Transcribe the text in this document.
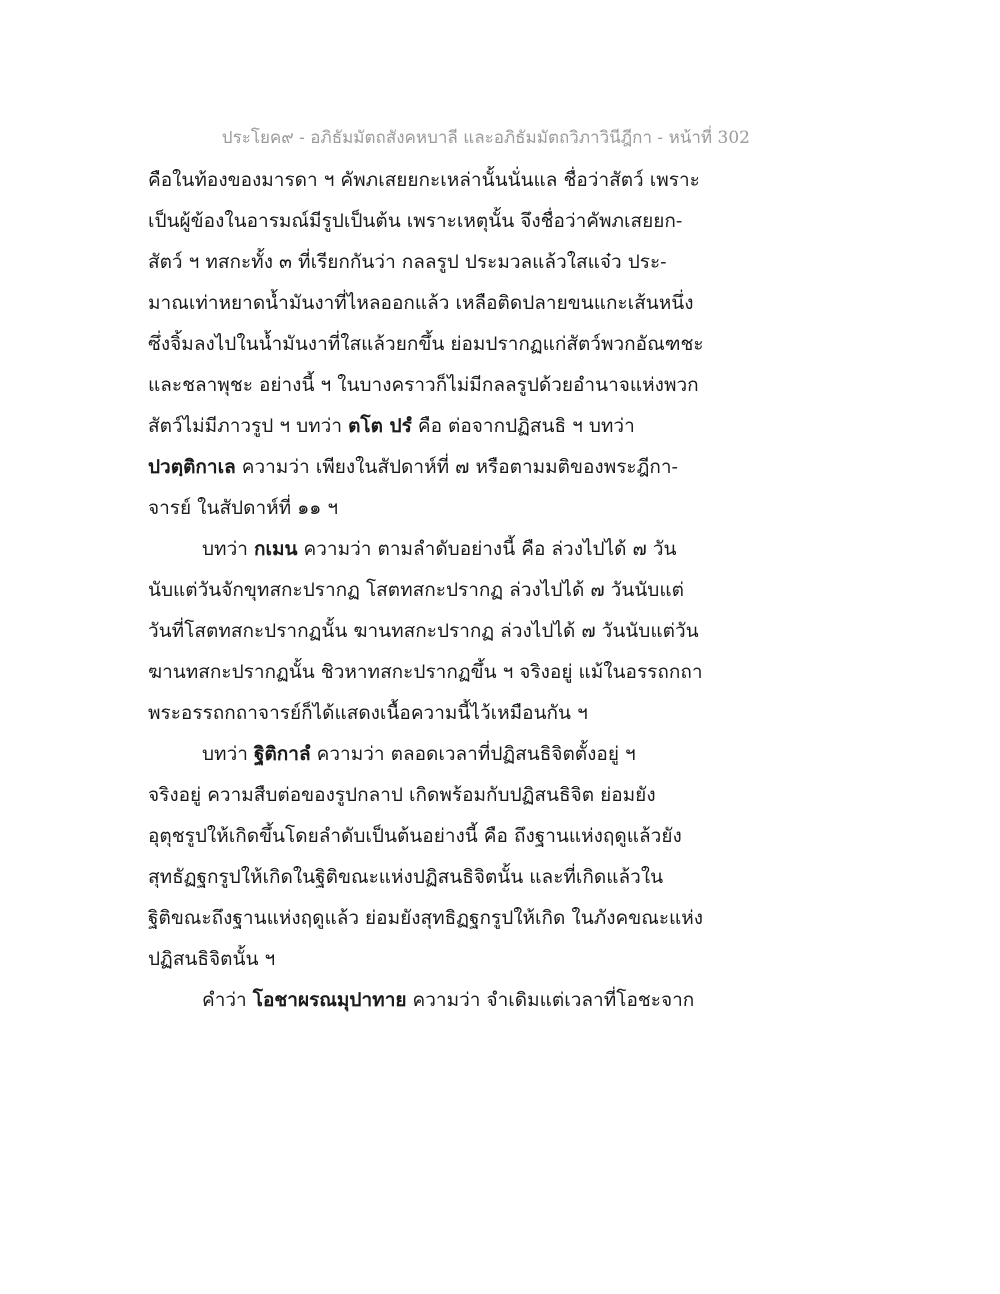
ประโยค๙ - อภิธัมมัตถสังคหบาลี และอภิธัมมัตถวิภาวินีฎีกา - หน้าที่ 302
คือในท้องของมารดา ฯ คัพภเสยยกะเหล่านั้นนั่นแล ชื่อว่าสัตว์ เพราะ
เป็นผู้ข้องในอารมณ์มีรูปเป็นต้น เพราะเหตุนั้น จึงชื่อว่าคัพภเสยยก-
สัตว์ ฯ ทสกะทั้ง ๓ ที่เรียกกันว่า กลลรูป ประมวลแล้วใสแจ๋ว ประ-
มาณเท่าหยาดน้ำมันงาที่ไหลออกแล้ว เหลือติดปลายขนแกะเส้นหนึ่ง
ซึ่งจิ้มลงไปในน้ำมันงาที่ใสแล้วยกขึ้น ย่อมปรากฏแก่สัตว์พวกอัณฑชะ
และชลาพุชะ อย่างนี้ ฯ ในบางคราวก็ไม่มีกลลรูปด้วยอำนาจแห่งพวก
สัตว์ไม่มีภาวรูป ฯ บทว่า ตโต ปรํ คือ ต่อจากปฏิสนธิ ฯ บทว่า
ปวตฺติกาเล ความว่า เพียงในสัปดาห์ที่ ๗ หรือตามมติของพระฎีกา-
จารย์ ในสัปดาห์ที่ ๑๑ ฯ
บทว่า กเมน ความว่า ตามลำดับอย่างนี้ คือ ล่วงไปได้ ๗ วัน
นับแต่วันจักขุทสกะปรากฏ โสตทสกะปรากฏ ล่วงไปได้ ๗ วันนับแต่
วันที่โสตทสกะปรากฏนั้น ฆานทสกะปรากฏ ล่วงไปได้ ๗ วันนับแต่วัน
ฆานทสกะปรากฏนั้น ชิวหาทสกะปรากฏขึ้น ฯ จริงอยู่ แม้ในอรรถกถา
พระอรรถกถาจารย์ก็ได้แสดงเนื้อความนี้ไว้เหมือนกัน ฯ
บทว่า ฐิติกาลํ ความว่า ตลอดเวลาที่ปฏิสนธิจิตตั้งอยู่ ฯ
จริงอยู่ ความสืบต่อของรูปกลาป เกิดพร้อมกับปฏิสนธิจิต ย่อมยัง
อุตุชรูปให้เกิดขึ้นโดยลำดับเป็นต้นอย่างนี้ คือ ถึงฐานแห่งฤดูแล้วยัง
สุทธัฏฐกรูปให้เกิดในฐิติขณะแห่งปฏิสนธิจิตนั้น และที่เกิดแล้วใน
ฐิติขณะถึงฐานแห่งฤดูแล้ว ย่อมยังสุทธิฏฐกรูปให้เกิด ในภังคขณะแห่ง
ปฏิสนธิจิตนั้น ฯ
คำว่า โอชาผรณมุปาทาย ความว่า จำเดิมแต่เวลาที่โอชะจาก
